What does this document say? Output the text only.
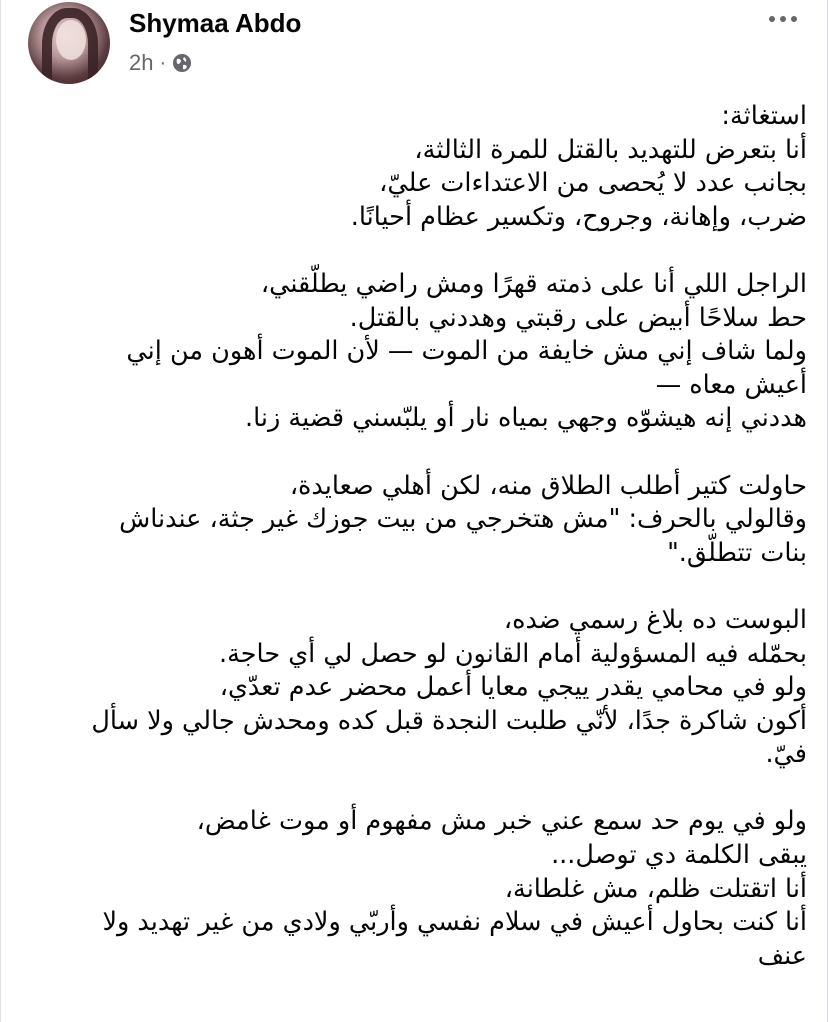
Shymaa Abdo
2h ·
استغاثة:
أنا بتعرض للتهديد بالقتل للمرة الثالثة،
بجانب عدد لا يُحصى من الاعتداءات عليّ،
ضرب، وإهانة، وجروح، وتكسير عظام أحيانًا.
الراجل اللي أنا على ذمته قهرًا ومش راضي يطلّقني،
حط سلاحًا أبيض على رقبتي وهددني بالقتل.
ولما شاف إني مش خايفة من الموت — لأن الموت أهون من إني
أعيش معاه —
هددني إنه هيشوّه وجهي بمياه نار أو يلبّسني قضية زنا.
حاولت كتير أطلب الطلاق منه، لكن أهلي صعايدة،
وقالولي بالحرف: "مش هتخرجي من بيت جوزك غير جثة، عندناش
بنات تتطلّق."
البوست ده بلاغ رسمي ضده،
بحمّله فيه المسؤولية أمام القانون لو حصل لي أي حاجة.
ولو في محامي يقدر ييجي معايا أعمل محضر عدم تعدّي،
أكون شاكرة جدًا، لأنّي طلبت النجدة قبل كده ومحدش جالي ولا سأل
فيّ.
ولو في يوم حد سمع عني خبر مش مفهوم أو موت غامض،
يبقى الكلمة دي توصل...
أنا اتقتلت ظلم، مش غلطانة،
أنا كنت بحاول أعيش في سلام نفسي وأربّي ولادي من غير تهديد ولا
عنف
